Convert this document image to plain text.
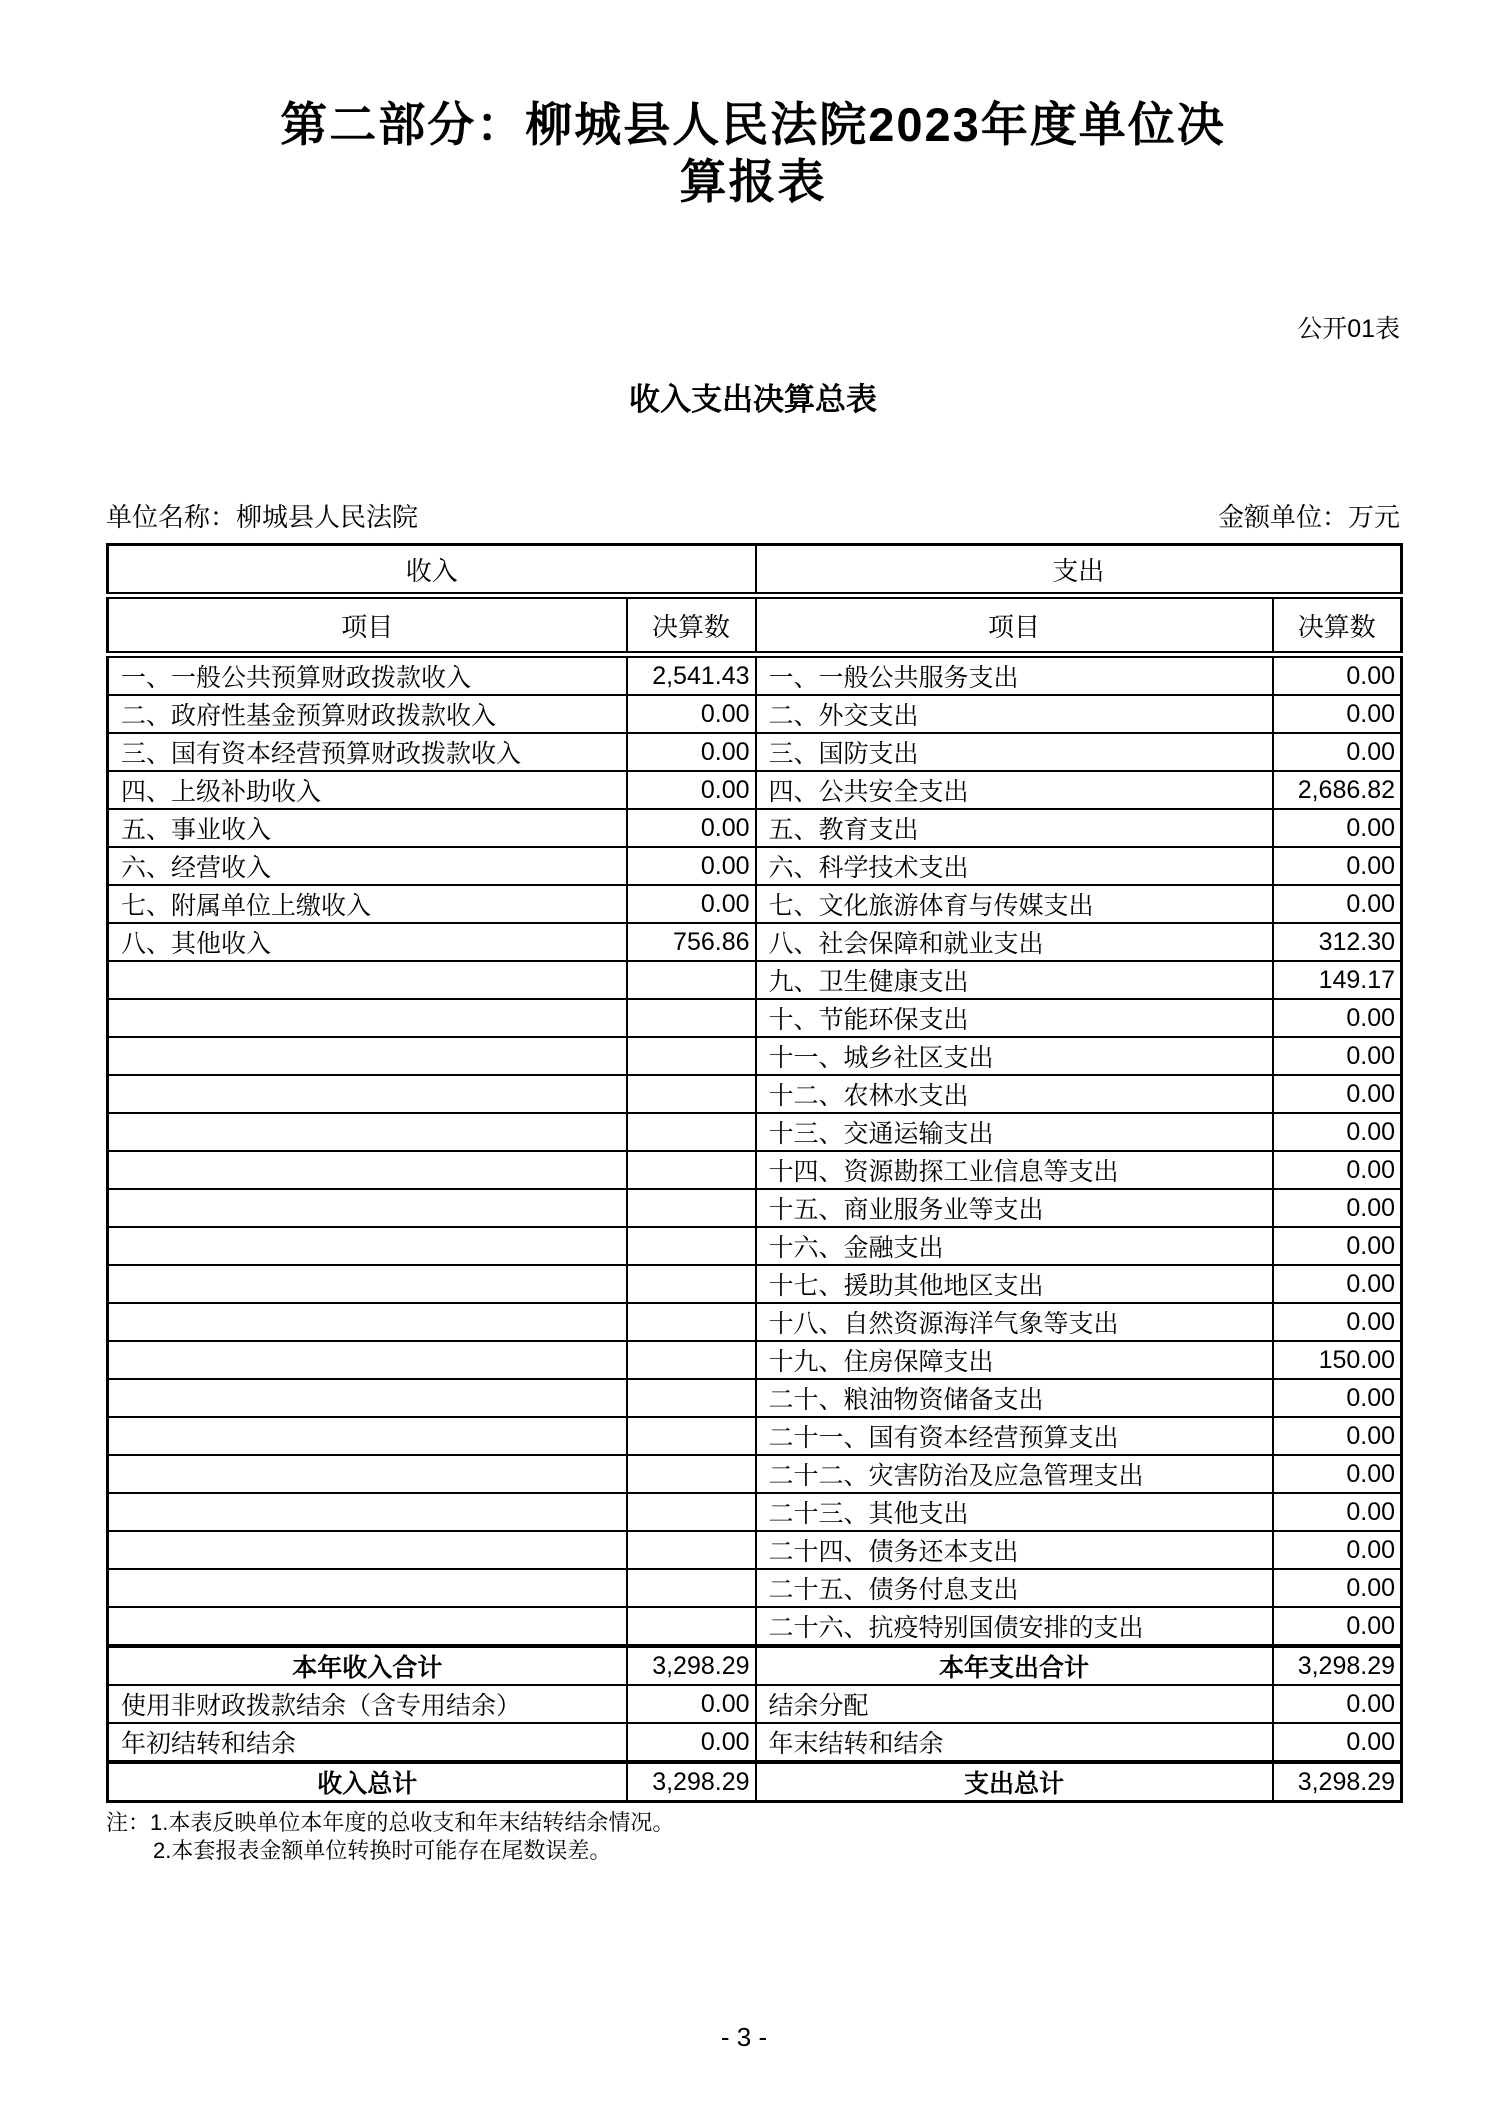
第二部分：柳城县人民法院2023年度单位决
算报表
公开01表
收入支出决算总表
单位名称：柳城县人民法院	金额单位：万元
收入		支出	
项目	决算数	项目	决算数
一、一般公共预算财政拨款收入	2,541.43	一、一般公共服务支出	0.00
二、政府性基金预算财政拨款收入	0.00	二、外交支出	0.00
三、国有资本经营预算财政拨款收入	0.00	三、国防支出	0.00
四、上级补助收入	0.00	四、公共安全支出	2,686.82
五、事业收入	0.00	五、教育支出	0.00
六、经营收入	0.00	六、科学技术支出	0.00
七、附属单位上缴收入	0.00	七、文化旅游体育与传媒支出	0.00
八、其他收入	756.86	八、社会保障和就业支出	312.30
		九、卫生健康支出	149.17
		十、节能环保支出	0.00
		十一、城乡社区支出	0.00
		十二、农林水支出	0.00
		十三、交通运输支出	0.00
		十四、资源勘探工业信息等支出	0.00
		十五、商业服务业等支出	0.00
		十六、金融支出	0.00
		十七、援助其他地区支出	0.00
		十八、自然资源海洋气象等支出	0.00
		十九、住房保障支出	150.00
		二十、粮油物资储备支出	0.00
		二十一、国有资本经营预算支出	0.00
		二十二、灾害防治及应急管理支出	0.00
		二十三、其他支出	0.00
		二十四、债务还本支出	0.00
		二十五、债务付息支出	0.00
		二十六、抗疫特别国债安排的支出	0.00
本年收入合计	3,298.29	本年支出合计	3,298.29
使用非财政拨款结余（含专用结余）	0.00	结余分配	0.00
年初结转和结余	0.00	年末结转和结余	0.00
收入总计	3,298.29	支出总计	3,298.29
注：1.本表反映单位本年度的总收支和年末结转结余情况。
2.本套报表金额单位转换时可能存在尾数误差。
- 3 -
